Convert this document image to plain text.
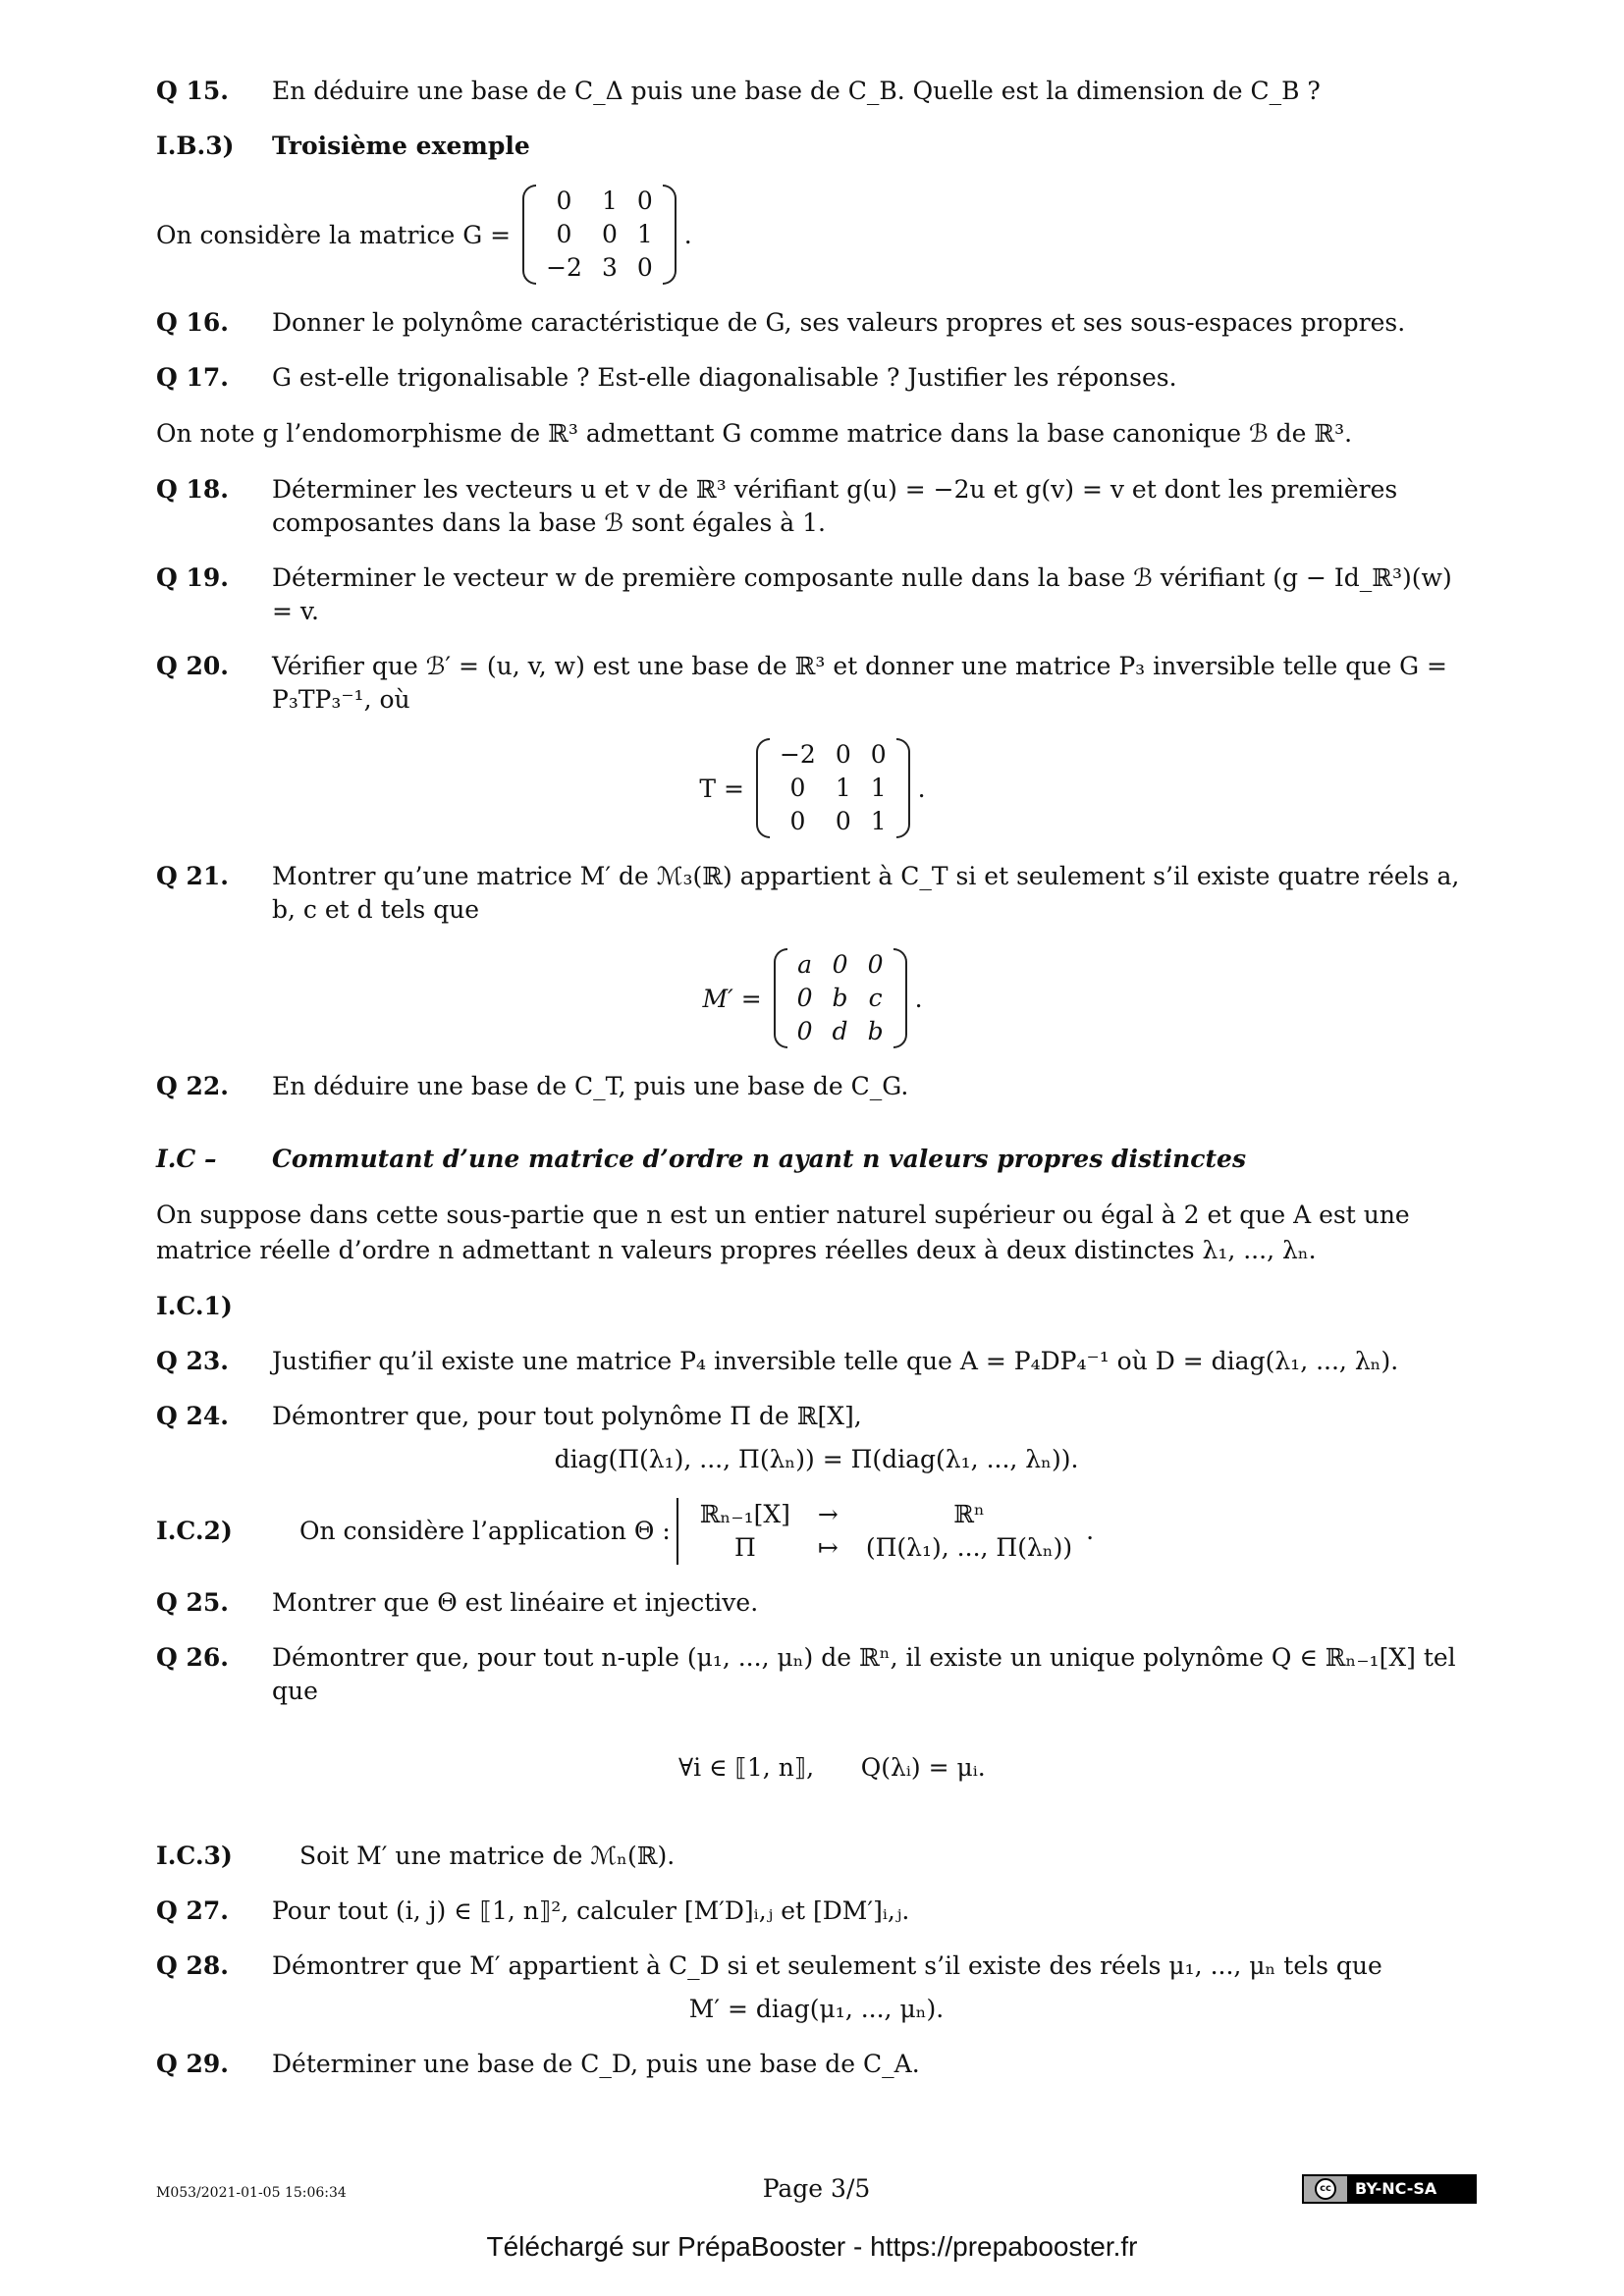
Q 15.	En déduire une base de C_Δ puis une base de C_B. Quelle est la dimension de C_B ?
I.B.3)	Troisième exemple
On considère la matrice G =
0	1	0
0	0	1
−2	3	0
.
Q 16.	Donner le polynôme caractéristique de G, ses valeurs propres et ses sous-espaces propres.
Q 17.	G est-elle trigonalisable ? Est-elle diagonalisable ? Justifier les réponses.
On note g l’endomorphisme de ℝ³ admettant G comme matrice dans la base canonique ℬ de ℝ³.
Q 18.	Déterminer les vecteurs u et v de ℝ³ vérifiant g(u) = −2u et g(v) = v et dont les premières composantes dans la base ℬ sont égales à 1.
Q 19.	Déterminer le vecteur w de première composante nulle dans la base ℬ vérifiant (g − Id_ℝ³)(w) = v.
Q 20.	Vérifier que ℬ′ = (u, v, w) est une base de ℝ³ et donner une matrice P₃ inversible telle que G = P₃TP₃⁻¹, où
T =
−2	0	0
0	1	1
0	0	1
.
Q 21.	Montrer qu’une matrice M′ de ℳ₃(ℝ) appartient à C_T si et seulement s’il existe quatre réels a, b, c et d tels que
M′ =
a	0	0
0	b	c
0	d	b
.
Q 22.	En déduire une base de C_T, puis une base de C_G.
I.C –	Commutant d’une matrice d’ordre n ayant n valeurs propres distinctes
On suppose dans cette sous-partie que n est un entier naturel supérieur ou égal à 2 et que A est une matrice réelle d’ordre n admettant n valeurs propres réelles deux à deux distinctes λ₁, ..., λₙ.
I.C.1)
Q 23.	Justifier qu’il existe une matrice P₄ inversible telle que A = P₄DP₄⁻¹ où D = diag(λ₁, ..., λₙ).
Q 24.	Démontrer que, pour tout polynôme Π de ℝ[X],
diag(Π(λ₁), ..., Π(λₙ)) = Π(diag(λ₁, ..., λₙ)).
I.C.2)	On considère l’application Θ :
ℝₙ₋₁[X]	→	ℝⁿ
Π	↦	(Π(λ₁), ..., Π(λₙ))
.
Q 25.	Montrer que Θ est linéaire et injective.
Q 26.	Démontrer que, pour tout n-uple (μ₁, ..., μₙ) de ℝⁿ, il existe un unique polynôme Q ∈ ℝₙ₋₁[X] tel que

∀i ∈ ⟦1, n⟧,      Q(λᵢ) = μᵢ.

I.C.3)	Soit M′ une matrice de ℳₙ(ℝ).
Q 27.	Pour tout (i, j) ∈ ⟦1, n⟧², calculer [M′D]ᵢ,ⱼ et [DM′]ᵢ,ⱼ.
Q 28.	Démontrer que M′ appartient à C_D si et seulement s’il existe des réels μ₁, ..., μₙ tels que
M′ = diag(μ₁, ..., μₙ).
Q 29.	Déterminer une base de C_D, puis une base de C_A.
M053/2021-01-05 15:06:34	Page 3/5	cc	BY-NC-SA
Téléchargé sur PrépaBooster - https://prepabooster.fr
